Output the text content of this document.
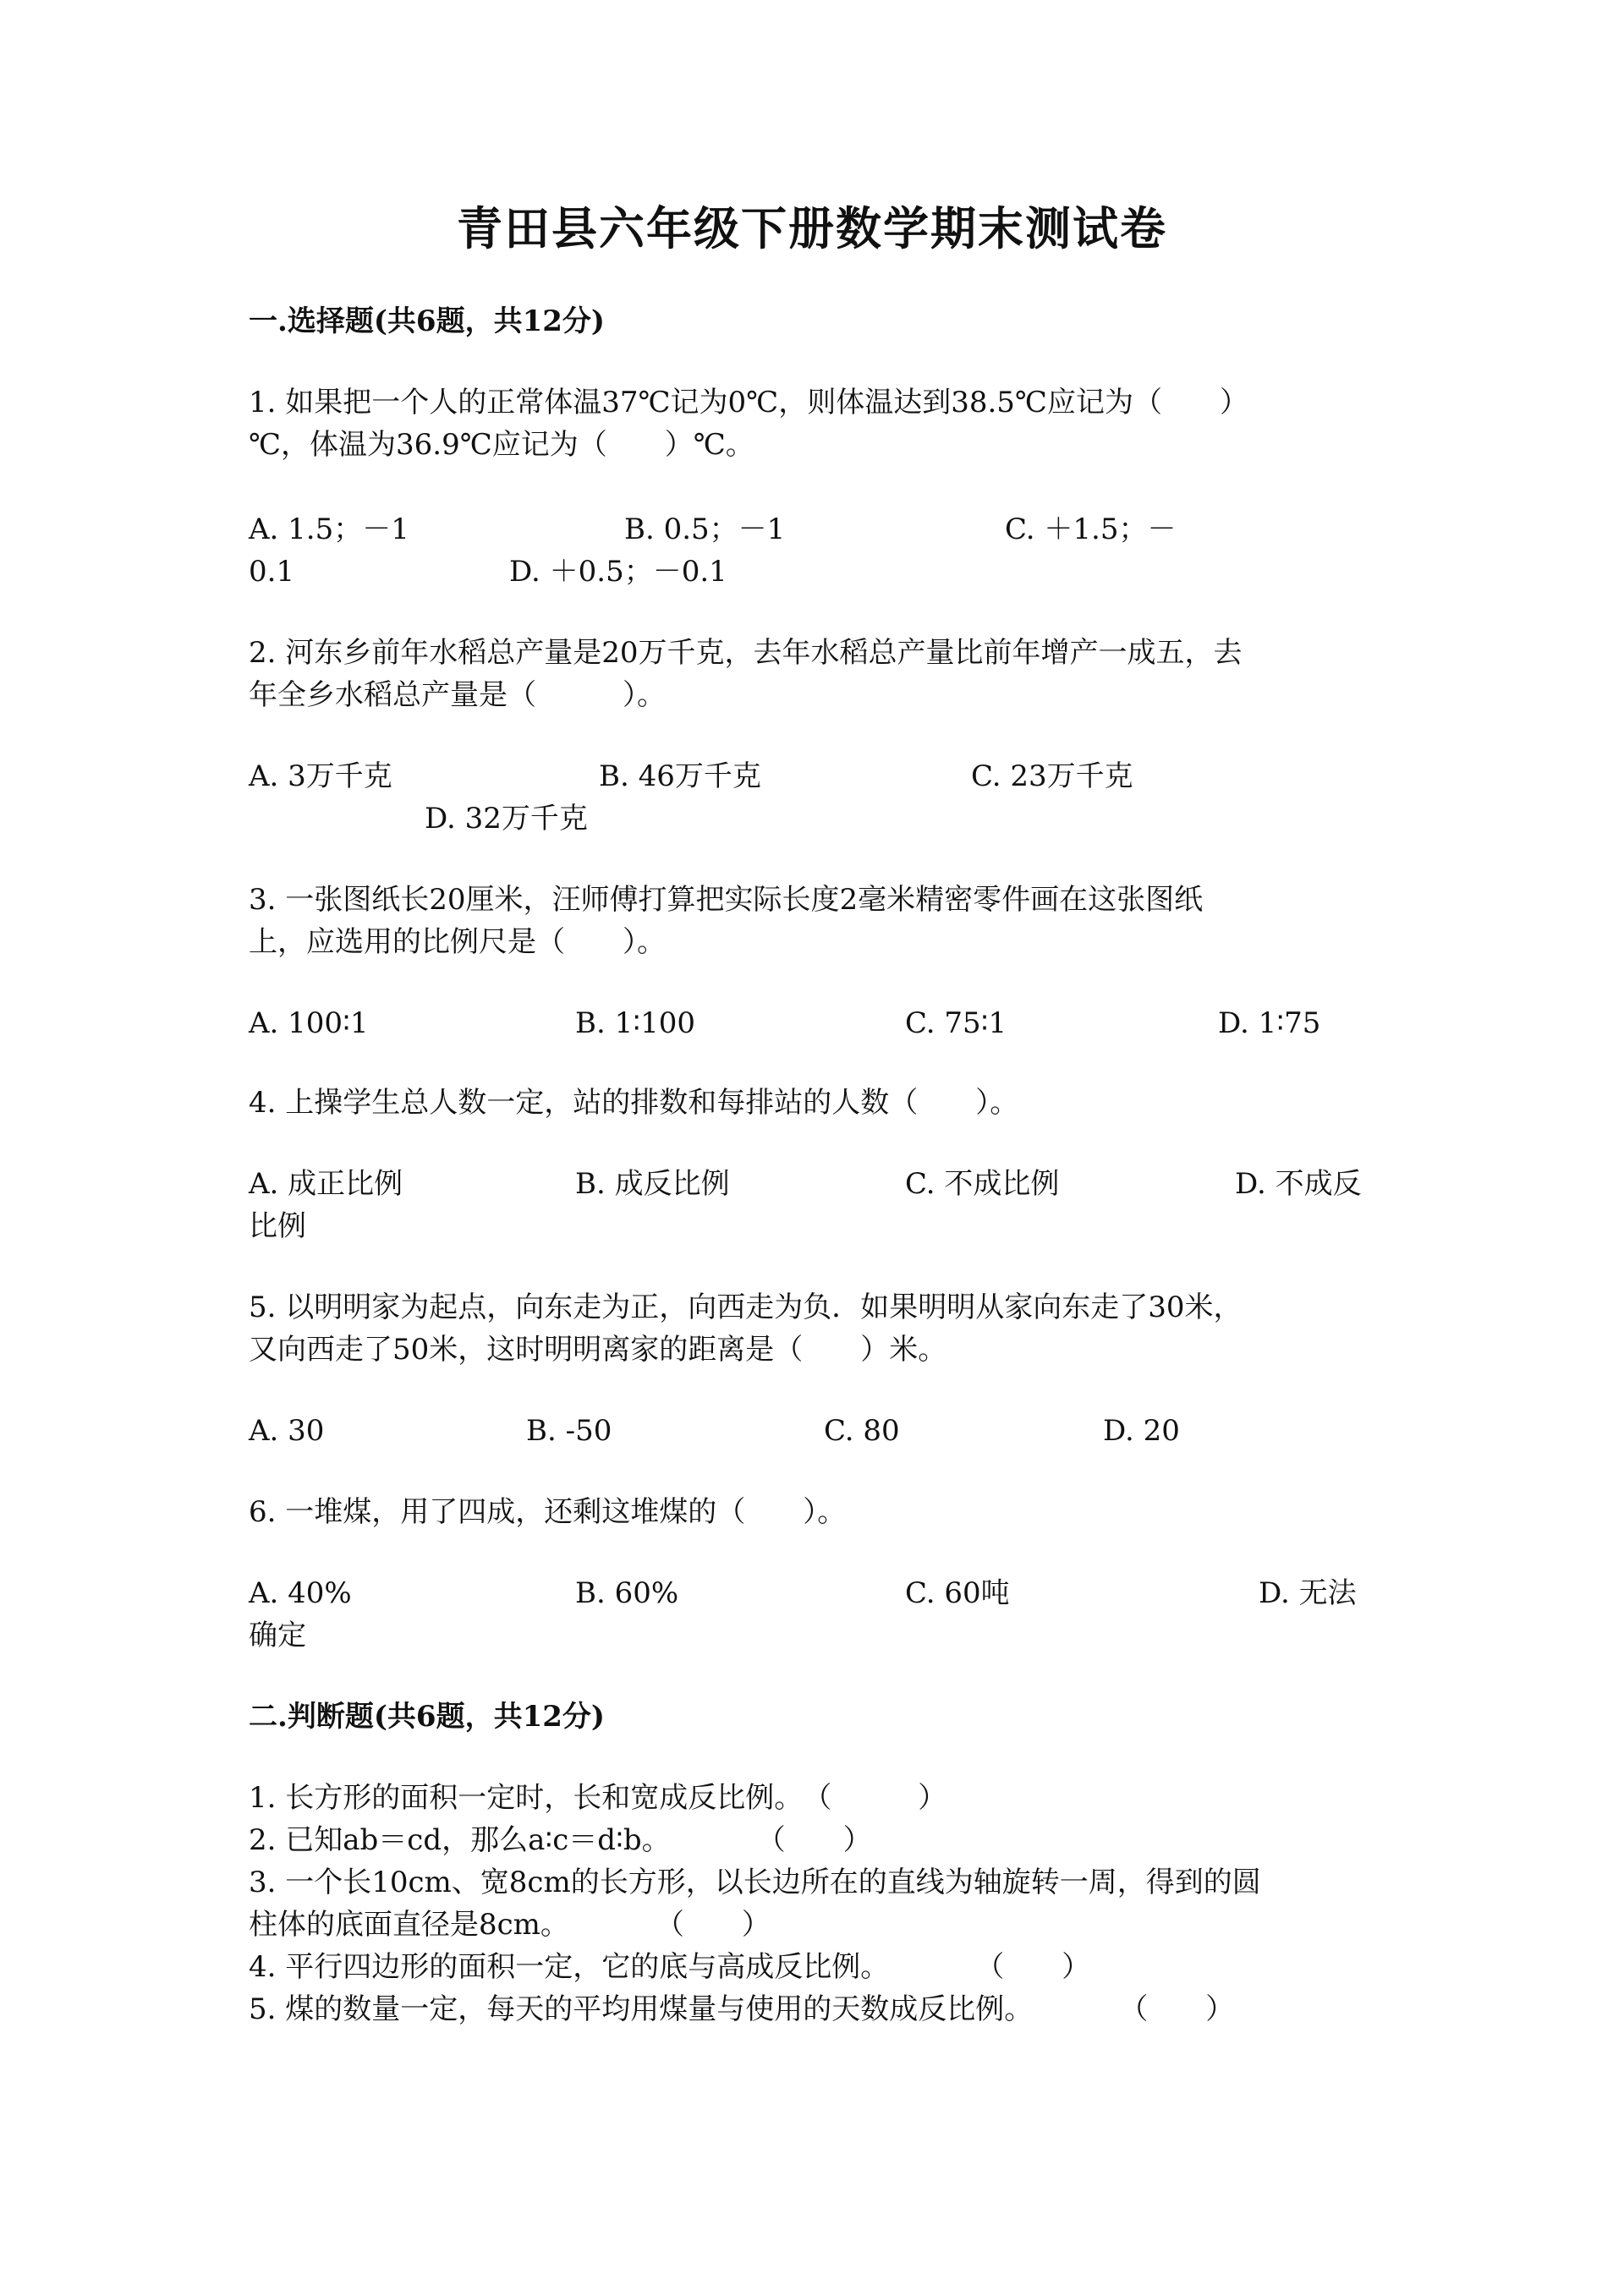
青田县六年级下册数学期末测试卷
一.选择题(共6题，共12分)
1. 如果把一个人的正常体温37℃记为0℃，则体温达到38.5℃应记为（　　）
℃，体温为36.9℃应记为（　　）℃。
A. 1.5；－1	B. 0.5；－1	C. ＋1.5；－
0.1	D. ＋0.5；－0.1
2. 河东乡前年水稻总产量是20万千克，去年水稻总产量比前年增产一成五，去
年全乡水稻总产量是（　　　）。
A. 3万千克	B. 46万千克	C. 23万千克
D. 32万千克
3. 一张图纸长20厘米，汪师傅打算把实际长度2毫米精密零件画在这张图纸
上，应选用的比例尺是（　　）。
A. 100∶1	B. 1∶100	C. 75∶1	D. 1∶75
4. 上操学生总人数一定，站的排数和每排站的人数（　　）。
A. 成正比例	B. 成反比例	C. 不成比例	D. 不成反
比例
5. 以明明家为起点，向东走为正，向西走为负．如果明明从家向东走了30米，
又向西走了50米，这时明明离家的距离是（　　）米。
A. 30	B. -50	C. 80	D. 20
6. 一堆煤，用了四成，还剩这堆煤的（　　）。
A. 40%	B. 60%	C. 60吨	D. 无法
确定
二.判断题(共6题，共12分)
1. 长方形的面积一定时，长和宽成反比例。　（　　　）
2. 已知ab＝cd，那么a∶c＝d∶b。　　　　（　　）
3. 一个长10cm、宽8cm的长方形，以长边所在的直线为轴旋转一周，得到的圆
柱体的底面直径是8cm。　　　　（　　）
4. 平行四边形的面积一定，它的底与高成反比例。　　　　（　　）
5. 煤的数量一定，每天的平均用煤量与使用的天数成反比例。　　　　（　　）
